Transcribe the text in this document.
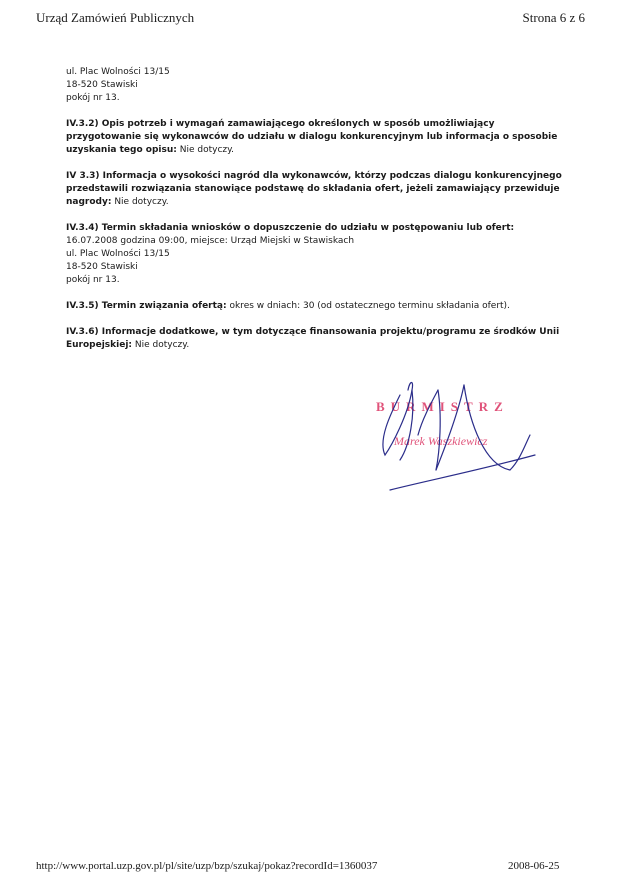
Urząd Zamówień Publicznych	Strona 6 z 6

ul. Plac Wolności 13/15

18-520 Stawiski

pokój nr 13.

IV.3.2) Opis potrzeb i wymagań zamawiającego określonych w sposób umożliwiający przygotowanie się wykonawców do udziału w dialogu konkurencyjnym lub informacja o sposobie uzyskania tego opisu: Nie dotyczy.

IV 3.3) Informacja o wysokości nagród dla wykonawców, którzy podczas dialogu konkurencyjnego przedstawili rozwiązania stanowiące podstawę do składania ofert, jeżeli zamawiający przewiduje nagrody: Nie dotyczy.

IV.3.4) Termin składania wniosków o dopuszczenie do udziału w postępowaniu lub ofert:

16.07.2008 godzina 09:00, miejsce: Urząd Miejski w Stawiskach

ul. Plac Wolności 13/15

18-520 Stawiski

pokój nr 13.

IV.3.5) Termin związania ofertą: okres w dniach: 30 (od ostatecznego terminu składania ofert).

IV.3.6) Informacje dodatkowe, w tym dotyczące finansowania projektu/programu ze środków Unii Europejskiej: Nie dotyczy.

BURMISTRZ
Marek Waszkiewicz
http://www.portal.uzp.gov.pl/pl/site/uzp/bzp/szukaj/pokaz?recordId=1360037	2008-06-25
